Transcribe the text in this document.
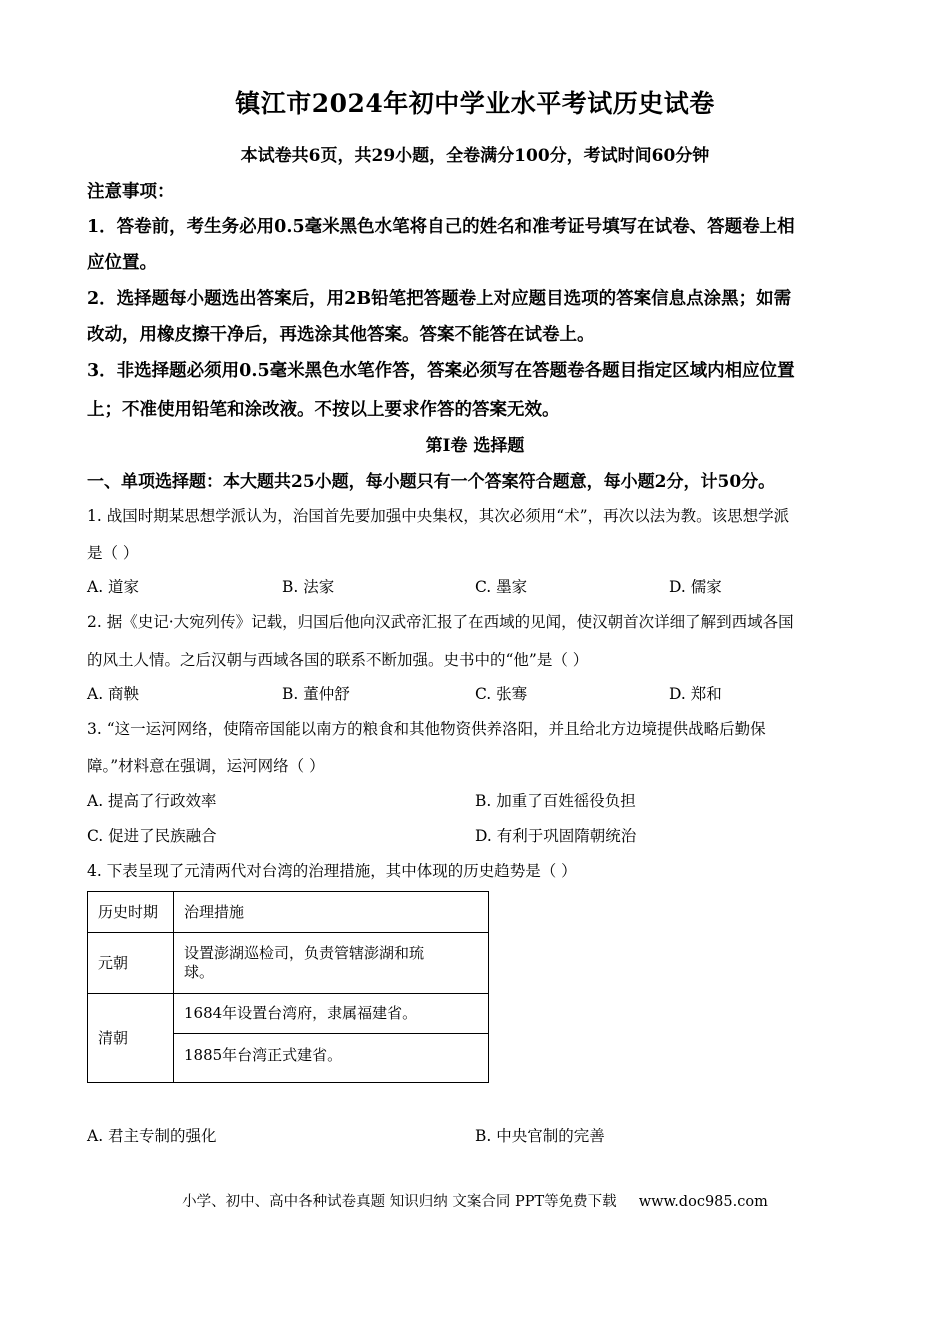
镇江市2024年初中学业水平考试历史试卷
本试卷共6页，共29小题，全卷满分100分，考试时间60分钟
注意事项：
1．答卷前，考生务必用0.5毫米黑色水笔将自己的姓名和准考证号填写在试卷、答题卷上相
应位置。
2．选择题每小题选出答案后，用2B铅笔把答题卷上对应题目选项的答案信息点涂黑；如需
改动，用橡皮擦干净后，再选涂其他答案。答案不能答在试卷上。
3．非选择题必须用0.5毫米黑色水笔作答，答案必须写在答题卷各题目指定区域内相应位置
上；不准使用铅笔和涂改液。不按以上要求作答的答案无效。
第Ⅰ卷 选择题
一、单项选择题：本大题共25小题，每小题只有一个答案符合题意，每小题2分，计50分。
1. 战国时期某思想学派认为，治国首先要加强中央集权，其次必须用“术”，再次以法为教。该思想学派
是（ ）
A. 道家	B. 法家	C. 墨家	D. 儒家
2. 据《史记·大宛列传》记载，归国后他向汉武帝汇报了在西域的见闻，使汉朝首次详细了解到西域各国
的风土人情。之后汉朝与西域各国的联系不断加强。史书中的“他”是（ ）
A. 商鞅	B. 董仲舒	C. 张骞	D. 郑和
3. “这一运河网络，使隋帝国能以南方的粮食和其他物资供养洛阳，并且给北方边境提供战略后勤保
障。”材料意在强调，运河网络（ ）
A. 提高了行政效率	B. 加重了百姓徭役负担
C. 促进了民族融合	D. 有利于巩固隋朝统治
4. 下表呈现了元清两代对台湾的治理措施，其中体现的历史趋势是（ ）
历史时期	治理措施
元朝	设置澎湖巡检司，负责管辖澎湖和琉
球。

清朝	1684年设置台湾府，隶属福建省。
	1885年台湾正式建省。
A. 君主专制的强化	B. 中央官制的完善
小学、初中、高中各种试卷真题 知识归纳 文案合同 PPT等免费下载 www.doc985.com
